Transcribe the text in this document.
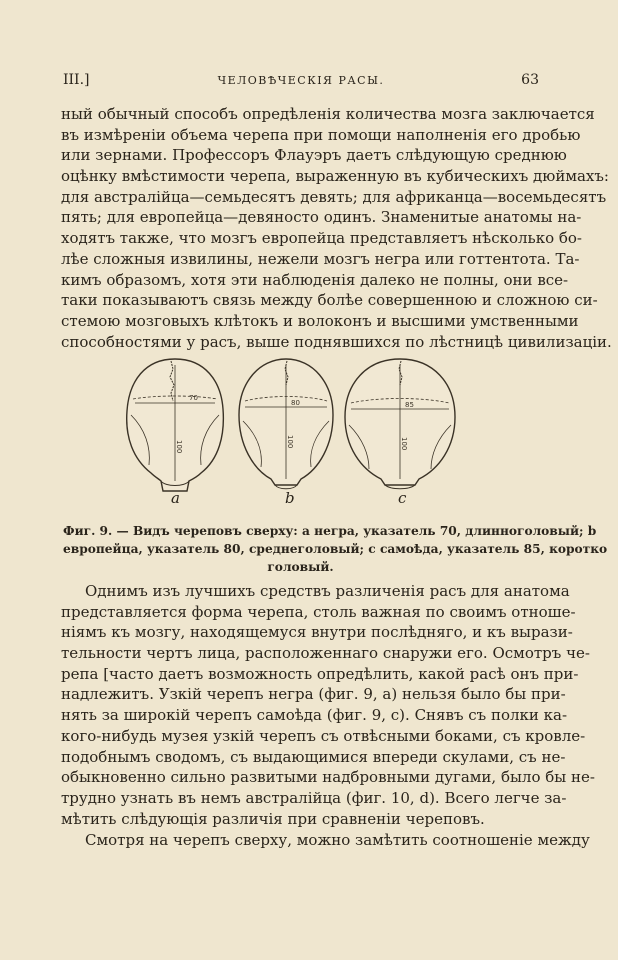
III.]	ЧЕЛОВѢЧЕСКІЯ РАСЫ.	63
ный обычный способъ опредѣленія количества мозга заключается
въ измѣреніи объема черепа при помощи наполненія его дробью
или зернами. Профессоръ Флауэръ даетъ слѣдующую среднюю
оцѣнку вмѣстимости черепа, выраженную въ кубическихъ дюймахъ:
для австралійца—семьдесятъ девять; для африканца—восемьдесятъ
пять; для европейца—девяносто одинъ. Знаменитые анатомы на-
ходятъ также, что мозгъ европейца представляетъ нѣсколько бо-
лѣе сложныя извилины, нежели мозгъ негра или готтентота. Та-
кимъ образомъ, хотя эти наблюденія далеко не полны, они все-
таки показываютъ связь между болѣе совершенною и сложною си-
стемою мозговыхъ клѣтокъ и волоконъ и высшими умственными
способностями у расъ, выше поднявшихся по лѣстницѣ цивилизаціи.
70
100
a
80
100
b
85
100
c
Фиг. 9. — Видъ череповъ сверху: a негра, указатель 70, длинноголовый; b
европейца, указатель 80, среднеголовый; c самоѣда, указатель 85, коротко
головый.
Однимъ изъ лучшихъ средствъ различенія расъ для анатома
представляется форма черепа, столь важная по своимъ отноше-
ніямъ къ мозгу, находящемуся внутри послѣдняго, и къ вырази-
тельности чертъ лица, расположеннаго снаружи его. Осмотръ че-
репа [часто даетъ возможность опредѣлить, какой расѣ онъ при-
надлежитъ. Узкій черепъ негра (фиг. 9, a) нельзя было бы при-
нять за широкій черепъ самоѣда (фиг. 9, c). Снявъ съ полки ка-
кого-нибудь музея узкій черепъ съ отвѣсными боками, съ кровле-
подобнымъ сводомъ, съ выдающимися впереди скулами, съ не-
обыкновенно сильно развитыми надбровными дугами, было бы не-
трудно узнать въ немъ австралійца (фиг. 10, d). Всего легче за-
мѣтить слѣдующія различія при сравненіи череповъ.
Смотря на черепъ сверху, можно замѣтить соотношеніе между
